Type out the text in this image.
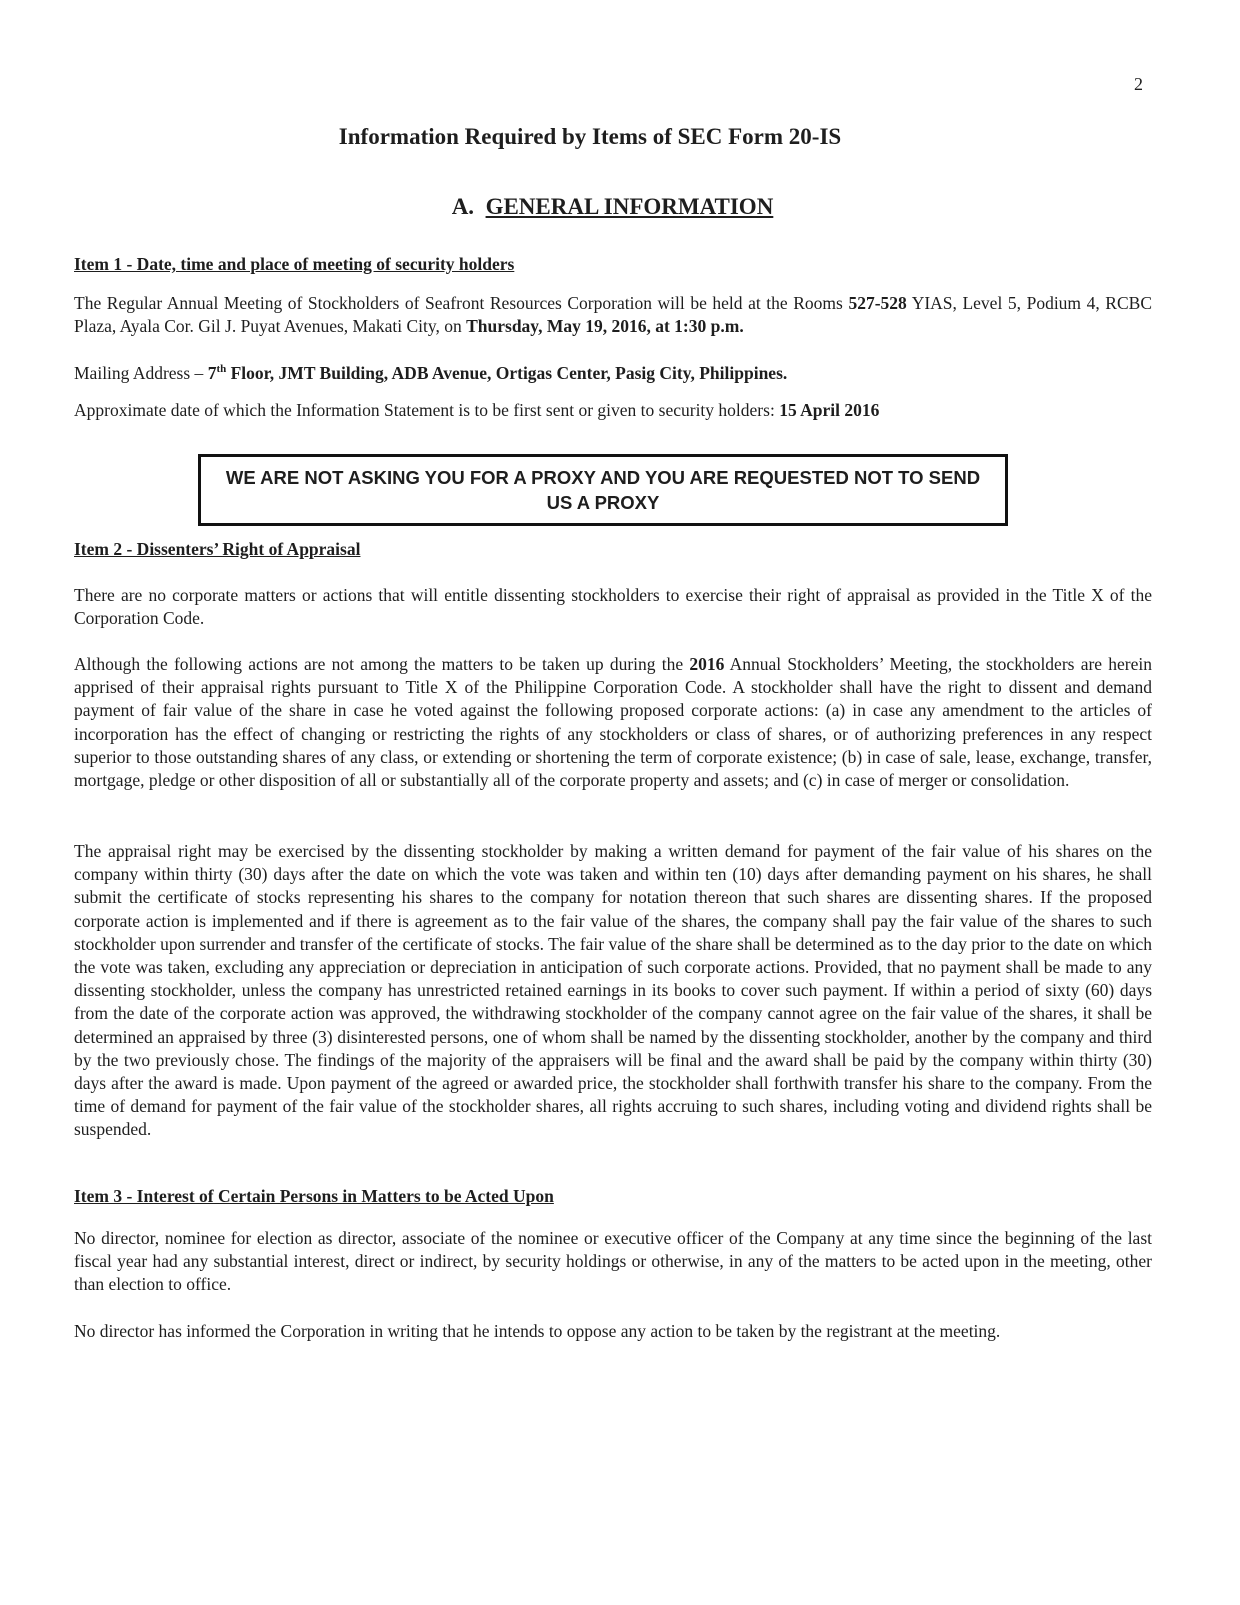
2
Information Required by Items of SEC Form 20-IS
A. GENERAL INFORMATION
Item 1 - Date, time and place of meeting of security holders

The Regular Annual Meeting of Stockholders of Seafront Resources Corporation will be held at the Rooms 527-528 YIAS, Level 5, Podium 4, RCBC Plaza, Ayala Cor. Gil J. Puyat Avenues, Makati City, on Thursday, May 19, 2016, at 1:30 p.m.

Mailing Address – 7th Floor, JMT Building, ADB Avenue, Ortigas Center, Pasig City, Philippines.

Approximate date of which the Information Statement is to be first sent or given to security holders: 15 April 2016

WE ARE NOT ASKING YOU FOR A PROXY AND YOU ARE REQUESTED NOT TO SEND US A PROXY
Item 2 - Dissenters’ Right of Appraisal

There are no corporate matters or actions that will entitle dissenting stockholders to exercise their right of appraisal as provided in the Title X of the Corporation Code.

Although the following actions are not among the matters to be taken up during the 2016 Annual Stockholders’ Meeting, the stockholders are herein apprised of their appraisal rights pursuant to Title X of the Philippine Corporation Code. A stockholder shall have the right to dissent and demand payment of fair value of the share in case he voted against the following proposed corporate actions: (a) in case any amendment to the articles of incorporation has the effect of changing or restricting the rights of any stockholders or class of shares, or of authorizing preferences in any respect superior to those outstanding shares of any class, or extending or shortening the term of corporate existence; (b) in case of sale, lease, exchange, transfer, mortgage, pledge or other disposition of all or substantially all of the corporate property and assets; and (c) in case of merger or consolidation.

The appraisal right may be exercised by the dissenting stockholder by making a written demand for payment of the fair value of his shares on the company within thirty (30) days after the date on which the vote was taken and within ten (10) days after demanding payment on his shares, he shall submit the certificate of stocks representing his shares to the company for notation thereon that such shares are dissenting shares. If the proposed corporate action is implemented and if there is agreement as to the fair value of the shares, the company shall pay the fair value of the shares to such stockholder upon surrender and transfer of the certificate of stocks. The fair value of the share shall be determined as to the day prior to the date on which the vote was taken, excluding any appreciation or depreciation in anticipation of such corporate actions. Provided, that no payment shall be made to any dissenting stockholder, unless the company has unrestricted retained earnings in its books to cover such payment. If within a period of sixty (60) days from the date of the corporate action was approved, the withdrawing stockholder of the company cannot agree on the fair value of the shares, it shall be determined an appraised by three (3) disinterested persons, one of whom shall be named by the dissenting stockholder, another by the company and third by the two previously chose. The findings of the majority of the appraisers will be final and the award shall be paid by the company within thirty (30) days after the award is made. Upon payment of the agreed or awarded price, the stockholder shall forthwith transfer his share to the company. From the time of demand for payment of the fair value of the stockholder shares, all rights accruing to such shares, including voting and dividend rights shall be suspended.

Item 3 - Interest of Certain Persons in Matters to be Acted Upon

No director, nominee for election as director, associate of the nominee or executive officer of the Company at any time since the beginning of the last fiscal year had any substantial interest, direct or indirect, by security holdings or otherwise, in any of the matters to be acted upon in the meeting, other than election to office.

No director has informed the Corporation in writing that he intends to oppose any action to be taken by the registrant at the meeting.
